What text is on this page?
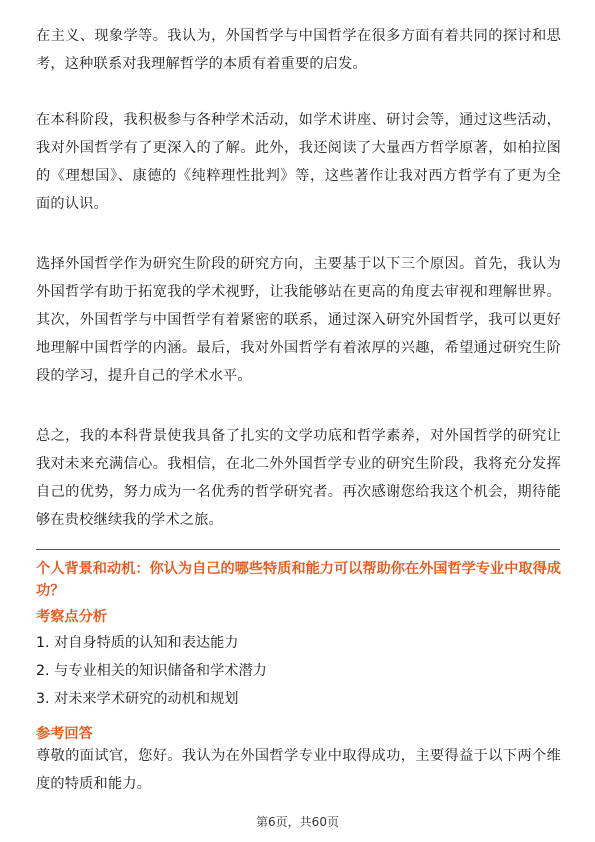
在主义、现象学等。我认为，外国哲学与中国哲学在很多方面有着共同的探讨和思考，这种联系对我理解哲学的本质有着重要的启发。

在本科阶段，我积极参与各种学术活动，如学术讲座、研讨会等，通过这些活动，我对外国哲学有了更深入的了解。此外，我还阅读了大量西方哲学原著，如柏拉图的《理想国》、康德的《纯粹理性批判》等，这些著作让我对西方哲学有了更为全面的认识。

选择外国哲学作为研究生阶段的研究方向，主要基于以下三个原因。首先，我认为外国哲学有助于拓宽我的学术视野，让我能够站在更高的角度去审视和理解世界。其次，外国哲学与中国哲学有着紧密的联系，通过深入研究外国哲学，我可以更好地理解中国哲学的内涵。最后，我对外国哲学有着浓厚的兴趣，希望通过研究生阶段的学习，提升自己的学术水平。

总之，我的本科背景使我具备了扎实的文学功底和哲学素养，对外国哲学的研究让我对未来充满信心。我相信，在北二外外国哲学专业的研究生阶段，我将充分发挥自己的优势，努力成为一名优秀的哲学研究者。再次感谢您给我这个机会，期待能够在贵校继续我的学术之旅。

个人背景和动机：你认为自己的哪些特质和能力可以帮助你在外国哲学专业中取得成功？

考察点分析

1. 对自身特质的认知和表达能力

2. 与专业相关的知识储备和学术潜力

3. 对未来学术研究的动机和规划

参考回答

尊敬的面试官，您好。我认为在外国哲学专业中取得成功，主要得益于以下两个维度的特质和能力。

第6页，共60页
